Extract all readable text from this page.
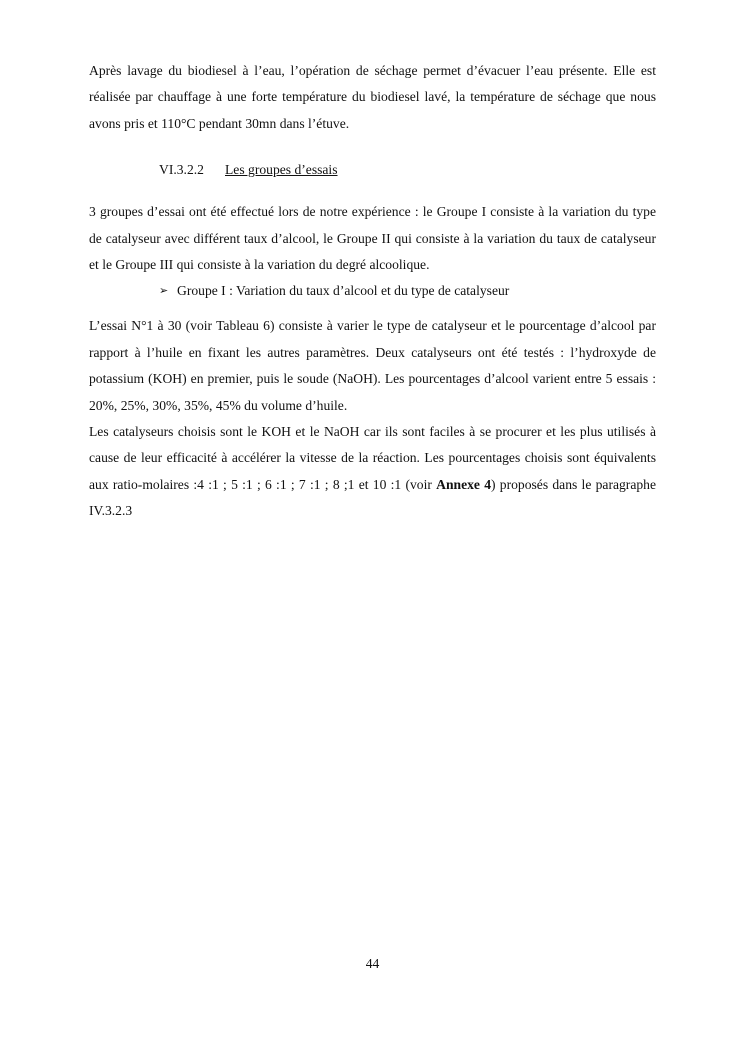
Après lavage du biodiesel à l’eau, l’opération de séchage permet d’évacuer l’eau présente. Elle est réalisée par chauffage à une forte température du biodiesel lavé, la température de séchage que nous avons pris et 110°C pendant 30mn dans l’étuve.

VI.3.2.2	Les groupes d’essais

3 groupes d’essai ont été effectué lors de notre expérience : le Groupe I consiste à la variation du type de catalyseur avec différent taux d’alcool, le Groupe II qui consiste à la variation du taux de catalyseur et le Groupe III qui consiste à la variation du degré alcoolique.

➢ Groupe I : Variation du taux d’alcool et du type de catalyseur

L’essai N°1 à 30 (voir Tableau 6) consiste à varier le type de catalyseur et le pourcentage d’alcool par rapport à l’huile en fixant les autres paramètres. Deux catalyseurs ont été testés : l’hydroxyde de potassium (KOH) en premier, puis le soude (NaOH). Les pourcentages d’alcool varient entre 5 essais : 20%, 25%, 30%, 35%, 45% du volume d’huile.

Les catalyseurs choisis sont le KOH et le NaOH car ils sont faciles à se procurer et les plus utilisés à cause de leur efficacité à accélérer la vitesse de la réaction. Les pourcentages choisis sont équivalents aux ratio-molaires :4 :1 ; 5 :1 ; 6 :1 ; 7 :1 ; 8 ;1 et 10 :1 (voir Annexe 4) proposés dans le paragraphe IV.3.2.3

44
